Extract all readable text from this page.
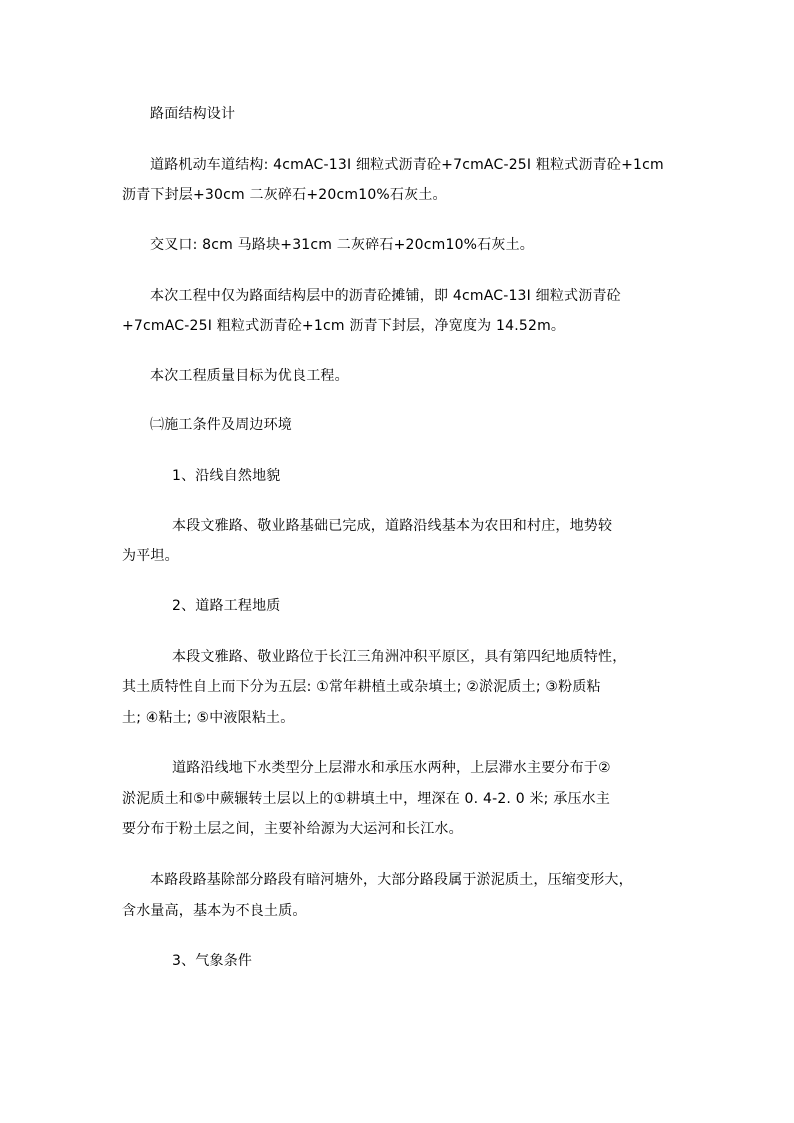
路面结构设计
道路机动车道结构: 4cmAC-13I 细粒式沥青砼+7cmAC-25I 粗粒式沥青砼+1cm
沥青下封层+30cm 二灰碎石+20cm10%石灰土。
交叉口: 8cm 马路块+31cm 二灰碎石+20cm10%石灰土。
本次工程中仅为路面结构层中的沥青砼摊铺，即 4cmAC-13I 细粒式沥青砼
+7cmAC-25I 粗粒式沥青砼+1cm 沥青下封层，净宽度为 14.52m。
本次工程质量目标为优良工程。
㈡施工条件及周边环境
1、沿线自然地貌
本段文雅路、敬业路基础已完成，道路沿线基本为农田和村庄，地势较
为平坦。
2、道路工程地质
本段文雅路、敬业路位于长江三角洲冲积平原区，具有第四纪地质特性，
其土质特性自上而下分为五层: ①常年耕植土或杂填土; ②淤泥质土; ③粉质粘
土; ④粘土; ⑤中液限粘土。
道路沿线地下水类型分上层滞水和承压水两种，上层滞水主要分布于②
淤泥质土和⑤中蕨辗转土层以上的①耕填土中，埋深在 0. 4-2. 0 米; 承压水主
要分布于粉土层之间，主要补给源为大运河和长江水。
本路段路基除部分路段有暗河塘外，大部分路段属于淤泥质土，压缩变形大，
含水量高，基本为不良土质。
3、气象条件
